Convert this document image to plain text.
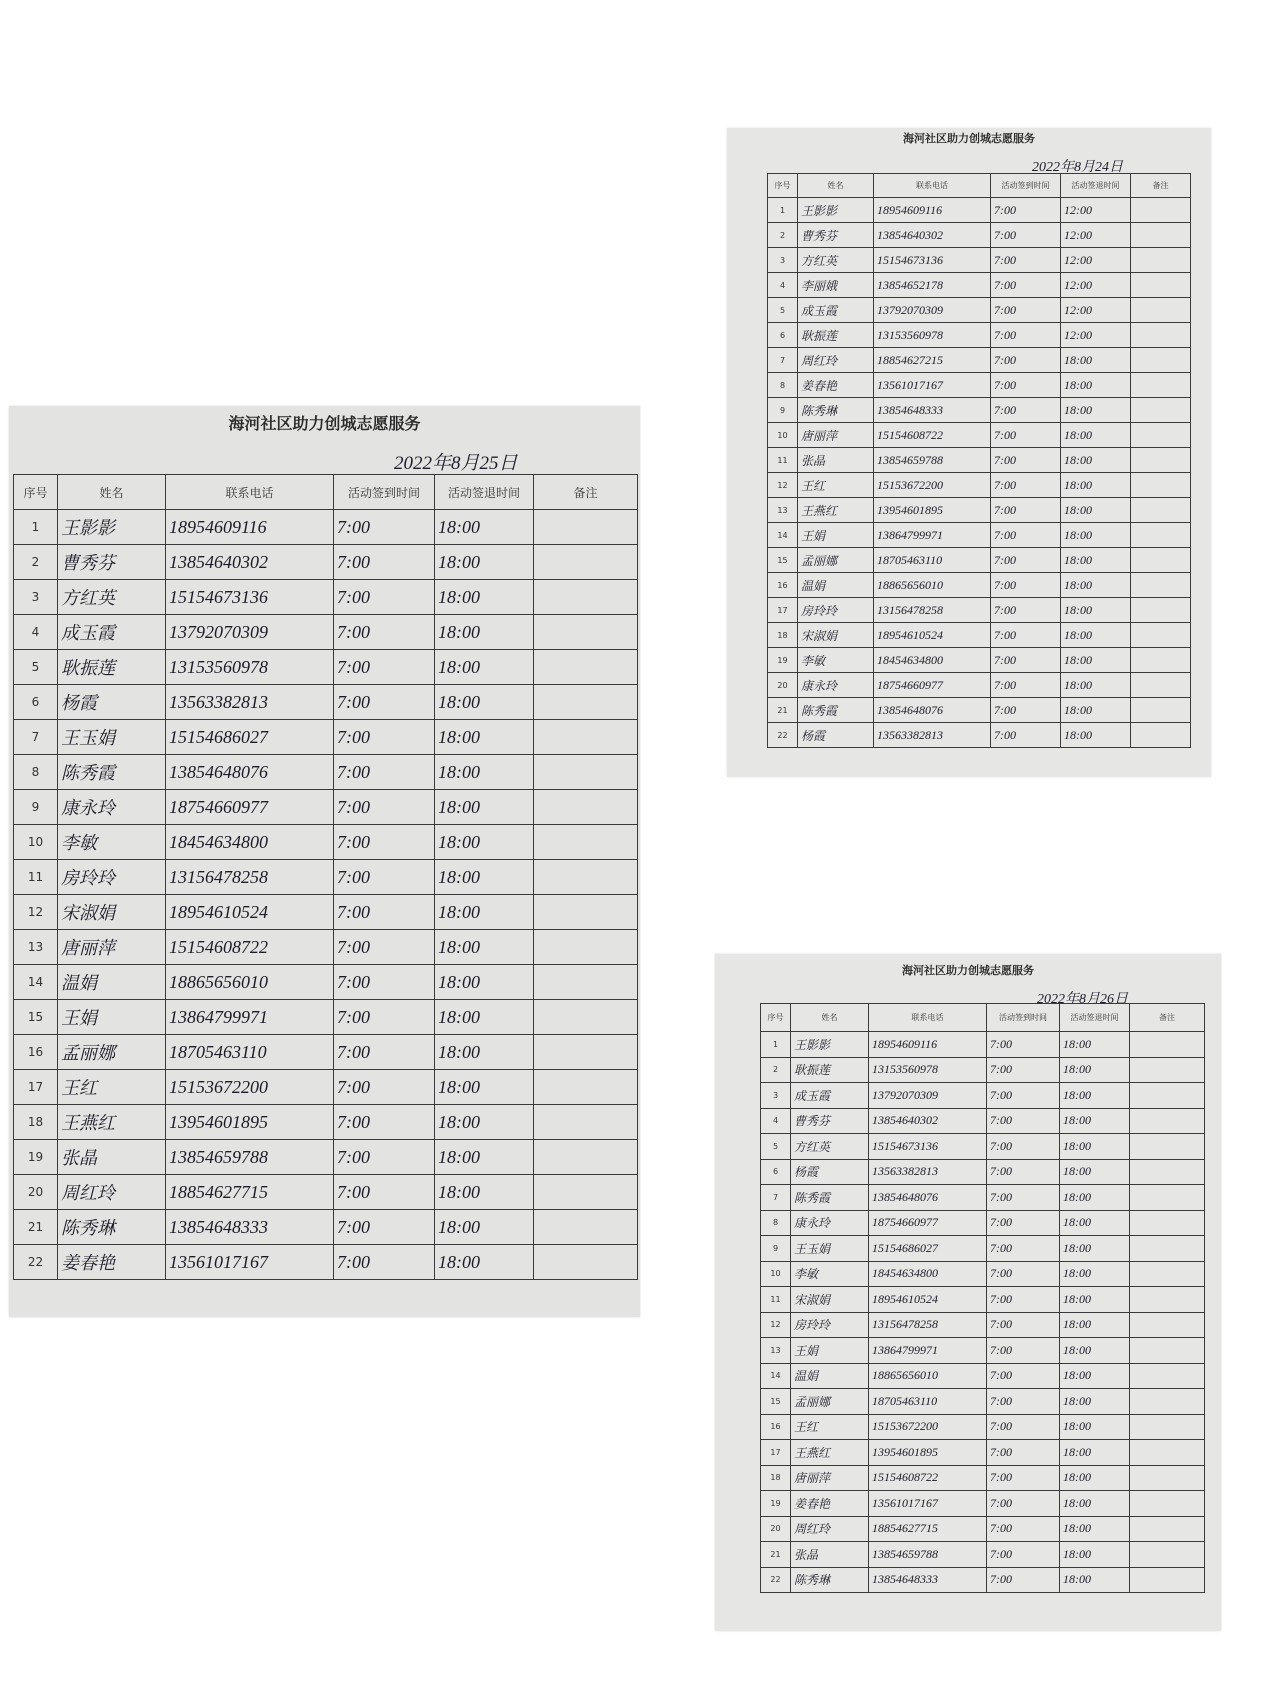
海河社区助力创城志愿服务
2022年8月25日
序号	姓名	联系电话	活动签到时间	活动签退时间	备注
1	王影影	18954609116	7:00	18:00	
2	曹秀芬	13854640302	7:00	18:00	
3	方红英	15154673136	7:00	18:00	
4	成玉霞	13792070309	7:00	18:00	
5	耿振莲	13153560978	7:00	18:00	
6	杨霞	13563382813	7:00	18:00	
7	王玉娟	15154686027	7:00	18:00	
8	陈秀霞	13854648076	7:00	18:00	
9	康永玲	18754660977	7:00	18:00	
10	李敏	18454634800	7:00	18:00	
11	房玲玲	13156478258	7:00	18:00	
12	宋淑娟	18954610524	7:00	18:00	
13	唐丽萍	15154608722	7:00	18:00	
14	温娟	18865656010	7:00	18:00	
15	王娟	13864799971	7:00	18:00	
16	孟丽娜	18705463110	7:00	18:00	
17	王红	15153672200	7:00	18:00	
18	王燕红	13954601895	7:00	18:00	
19	张晶	13854659788	7:00	18:00	
20	周红玲	18854627715	7:00	18:00	
21	陈秀琳	13854648333	7:00	18:00	
22	姜春艳	13561017167	7:00	18:00	
海河社区助力创城志愿服务
2022年8月24日
序号	姓名	联系电话	活动签到时间	活动签退时间	备注
1	王影影	18954609116	7:00	12:00	
2	曹秀芬	13854640302	7:00	12:00	
3	方红英	15154673136	7:00	12:00	
4	李丽娥	13854652178	7:00	12:00	
5	成玉霞	13792070309	7:00	12:00	
6	耿振莲	13153560978	7:00	12:00	
7	周红玲	18854627215	7:00	18:00	
8	姜春艳	13561017167	7:00	18:00	
9	陈秀琳	13854648333	7:00	18:00	
10	唐丽萍	15154608722	7:00	18:00	
11	张晶	13854659788	7:00	18:00	
12	王红	15153672200	7:00	18:00	
13	王燕红	13954601895	7:00	18:00	
14	王娟	13864799971	7:00	18:00	
15	孟丽娜	18705463110	7:00	18:00	
16	温娟	18865656010	7:00	18:00	
17	房玲玲	13156478258	7:00	18:00	
18	宋淑娟	18954610524	7:00	18:00	
19	李敏	18454634800	7:00	18:00	
20	康永玲	18754660977	7:00	18:00	
21	陈秀霞	13854648076	7:00	18:00	
22	杨霞	13563382813	7:00	18:00	
海河社区助力创城志愿服务
2022年8月26日
序号	姓名	联系电话	活动签到时间	活动签退时间	备注
1	王影影	18954609116	7:00	18:00	
2	耿振莲	13153560978	7:00	18:00	
3	成玉霞	13792070309	7:00	18:00	
4	曹秀芬	13854640302	7:00	18:00	
5	方红英	15154673136	7:00	18:00	
6	杨霞	13563382813	7:00	18:00	
7	陈秀霞	13854648076	7:00	18:00	
8	康永玲	18754660977	7:00	18:00	
9	王玉娟	15154686027	7:00	18:00	
10	李敏	18454634800	7:00	18:00	
11	宋淑娟	18954610524	7:00	18:00	
12	房玲玲	13156478258	7:00	18:00	
13	王娟	13864799971	7:00	18:00	
14	温娟	18865656010	7:00	18:00	
15	孟丽娜	18705463110	7:00	18:00	
16	王红	15153672200	7:00	18:00	
17	王燕红	13954601895	7:00	18:00	
18	唐丽萍	15154608722	7:00	18:00	
19	姜春艳	13561017167	7:00	18:00	
20	周红玲	18854627715	7:00	18:00	
21	张晶	13854659788	7:00	18:00	
22	陈秀琳	13854648333	7:00	18:00	
